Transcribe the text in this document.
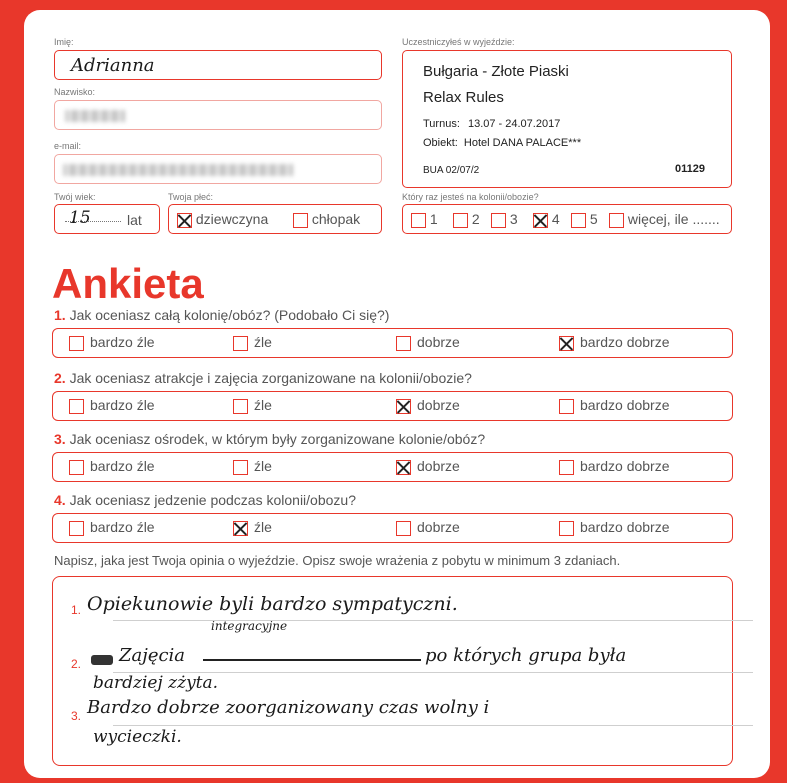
Imię:
Adrianna
Nazwisko:
e-mail:
Twój wiek:
15	lat
Twoja płeć:
dziewczyna	chłopak
Uczestniczyłeś w wyjeździe:
Bułgaria - Złote Piaski
Relax Rules
Turnus: 13.07 - 24.07.2017
Obiekt: Hotel DANA PALACE***
BUA 02/07/2	01129
Który raz jesteś na kolonii/obozie?
1	2	3	4	5	więcej, ile .......
Ankieta
1. Jak oceniasz całą kolonię/obóz? (Podobało Ci się?)
bardzo źle	źle	dobrze	bardzo dobrze
2. Jak oceniasz atrakcje i zajęcia zorganizowane na kolonii/obozie?
bardzo źle	źle	dobrze	bardzo dobrze
3. Jak oceniasz ośrodek, w którym były zorganizowane kolonie/obóz?
bardzo źle	źle	dobrze	bardzo dobrze
4. Jak oceniasz jedzenie podczas kolonii/obozu?
bardzo źle	źle	dobrze	bardzo dobrze
Napisz, jaka jest Twoja opinia o wyjeździe. Opisz swoje wrażenia z pobytu w minimum 3 zdaniach.
1. Opiekunowie byli bardzo sympatyczni.
integracyjne
2. Zajęcia	po których grupa była
bardziej zżyta.
3. Bardzo dobrze zoorganizowany czas wolny i
wycieczki.
